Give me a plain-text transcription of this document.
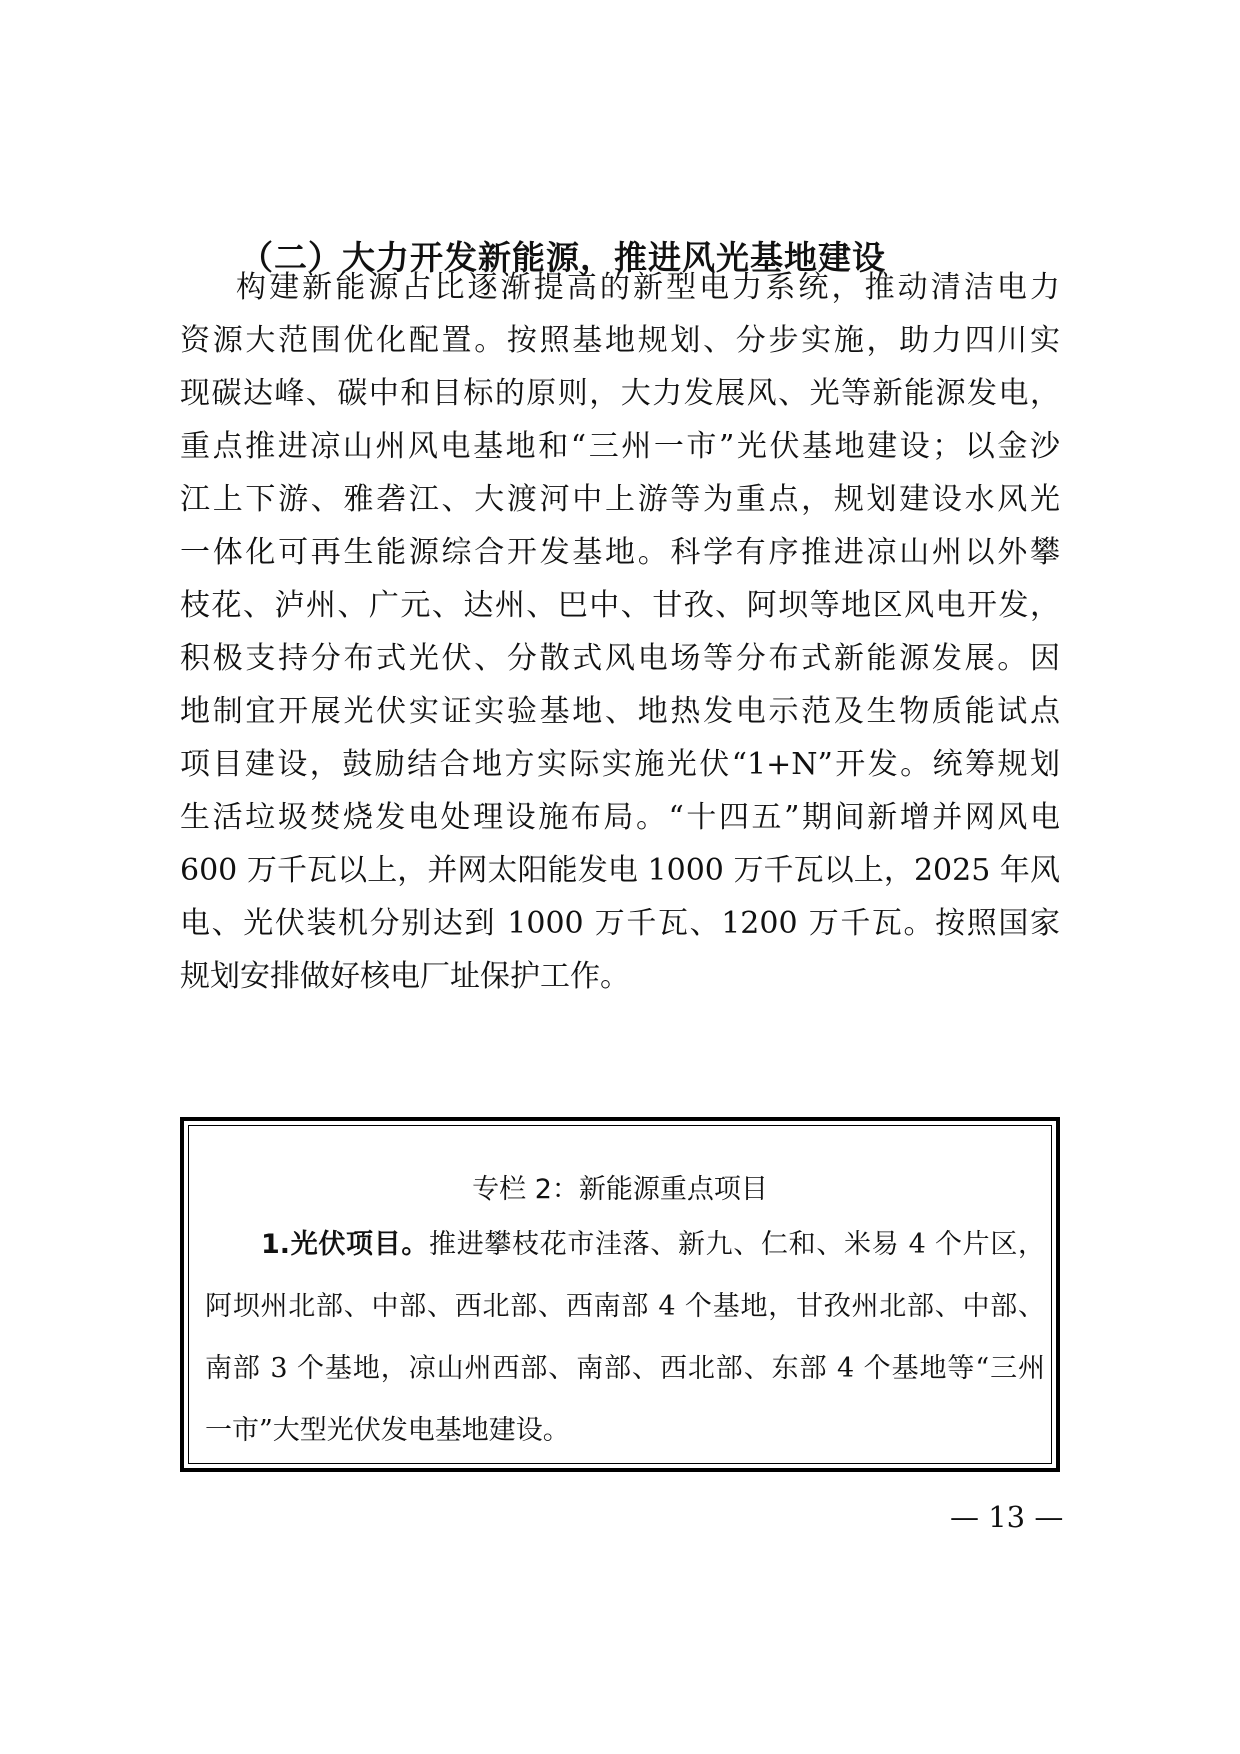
（二）大力开发新能源，推进风光基地建设
构建新能源占比逐渐提高的新型电力系统，推动清洁电力
资源大范围优化配置。按照基地规划、分步实施，助力四川实
现碳达峰、碳中和目标的原则，大力发展风、光等新能源发电，
重点推进凉山州风电基地和“三州一市”光伏基地建设；以金沙
江上下游、雅砻江、大渡河中上游等为重点，规划建设水风光
一体化可再生能源综合开发基地。科学有序推进凉山州以外攀
枝花、泸州、广元、达州、巴中、甘孜、阿坝等地区风电开发，
积极支持分布式光伏、分散式风电场等分布式新能源发展。因
地制宜开展光伏实证实验基地、地热发电示范及生物质能试点
项目建设，鼓励结合地方实际实施光伏“1+N”开发。统筹规划
生活垃圾焚烧发电处理设施布局。“十四五”期间新增并网风电
600 万千瓦以上，并网太阳能发电 1000 万千瓦以上，2025 年风
电、光伏装机分别达到 1000 万千瓦、1200 万千瓦。按照国家
规划安排做好核电厂址保护工作。
专栏 2：新能源重点项目
1.光伏项目。推进攀枝花市洼落、新九、仁和、米易 4 个片区，
阿坝州北部、中部、西北部、西南部 4 个基地，甘孜州北部、中部、
南部 3 个基地，凉山州西部、南部、西北部、东部 4 个基地等“三州
一市”大型光伏发电基地建设。
— 13 —
